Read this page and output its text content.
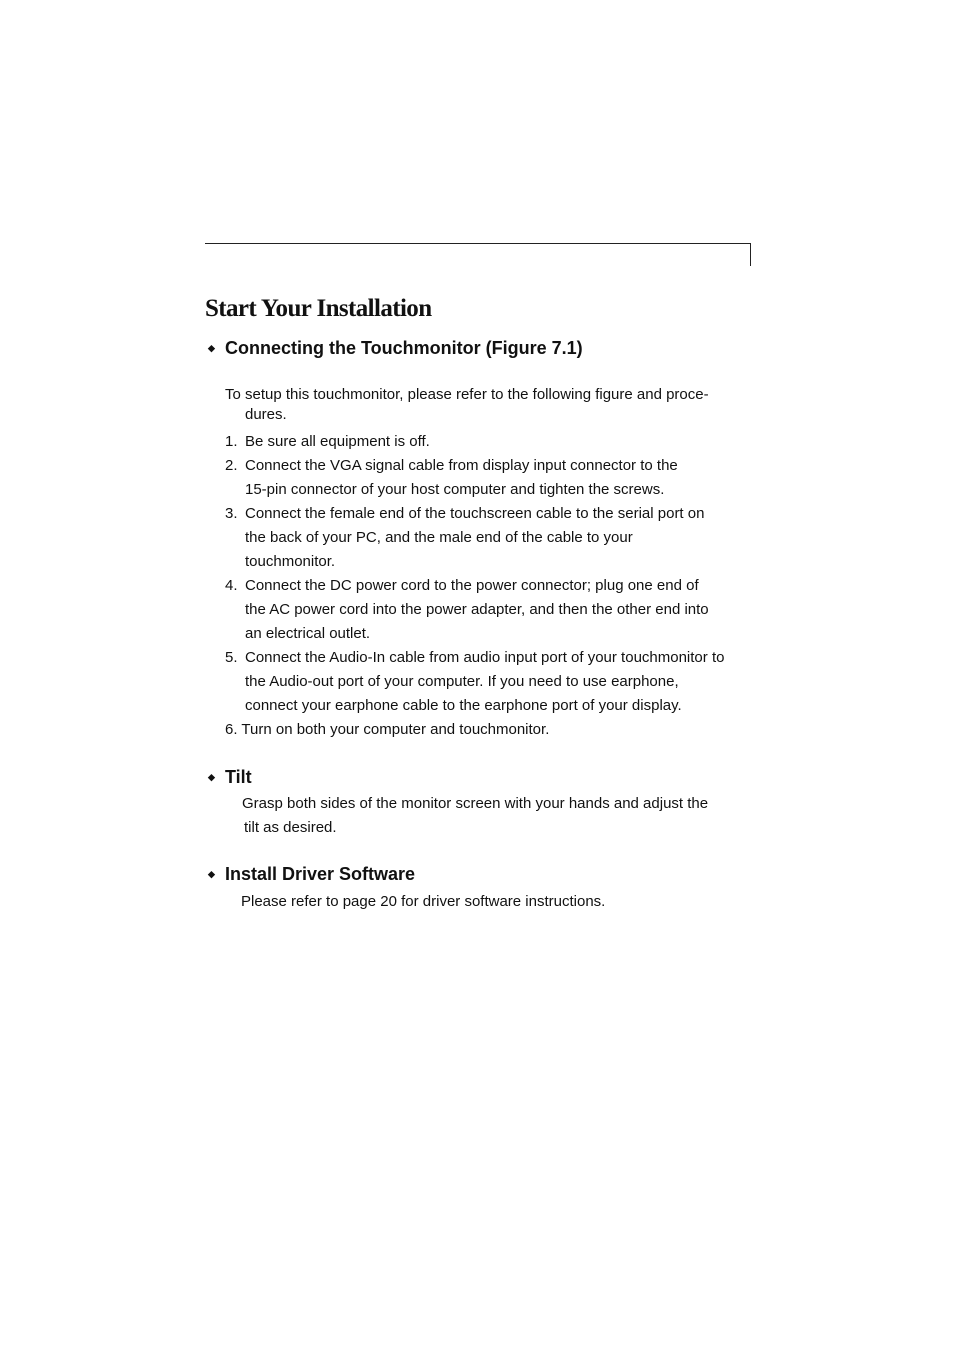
Start Your Installation
◆ Connecting the Touchmonitor (Figure 7.1)

To setup this touchmonitor, please refer to the following figure and proce-
dures.

1. Be sure all equipment is off.
2. Connect the VGA signal cable from display input connector to the
15-pin connector of your host computer and tighten the screws.
3. Connect the female end of the touchscreen cable to the serial port on
the back of your PC, and the male end of the cable to your
touchmonitor.
4. Connect the DC power cord to the power connector; plug one end of
the AC power cord into the power adapter, and then the other end into
an electrical outlet.
5. Connect the Audio-In cable from audio input port of your touchmonitor to
the Audio-out port of your computer. If you need to use earphone,
connect your earphone cable to the earphone port of your display.
6. Turn on both your computer and touchmonitor.
◆ Tilt

Grasp both sides of the monitor screen with your hands and adjust the
tilt as desired.

◆ Install Driver Software

Please refer to page 20 for driver software instructions.
